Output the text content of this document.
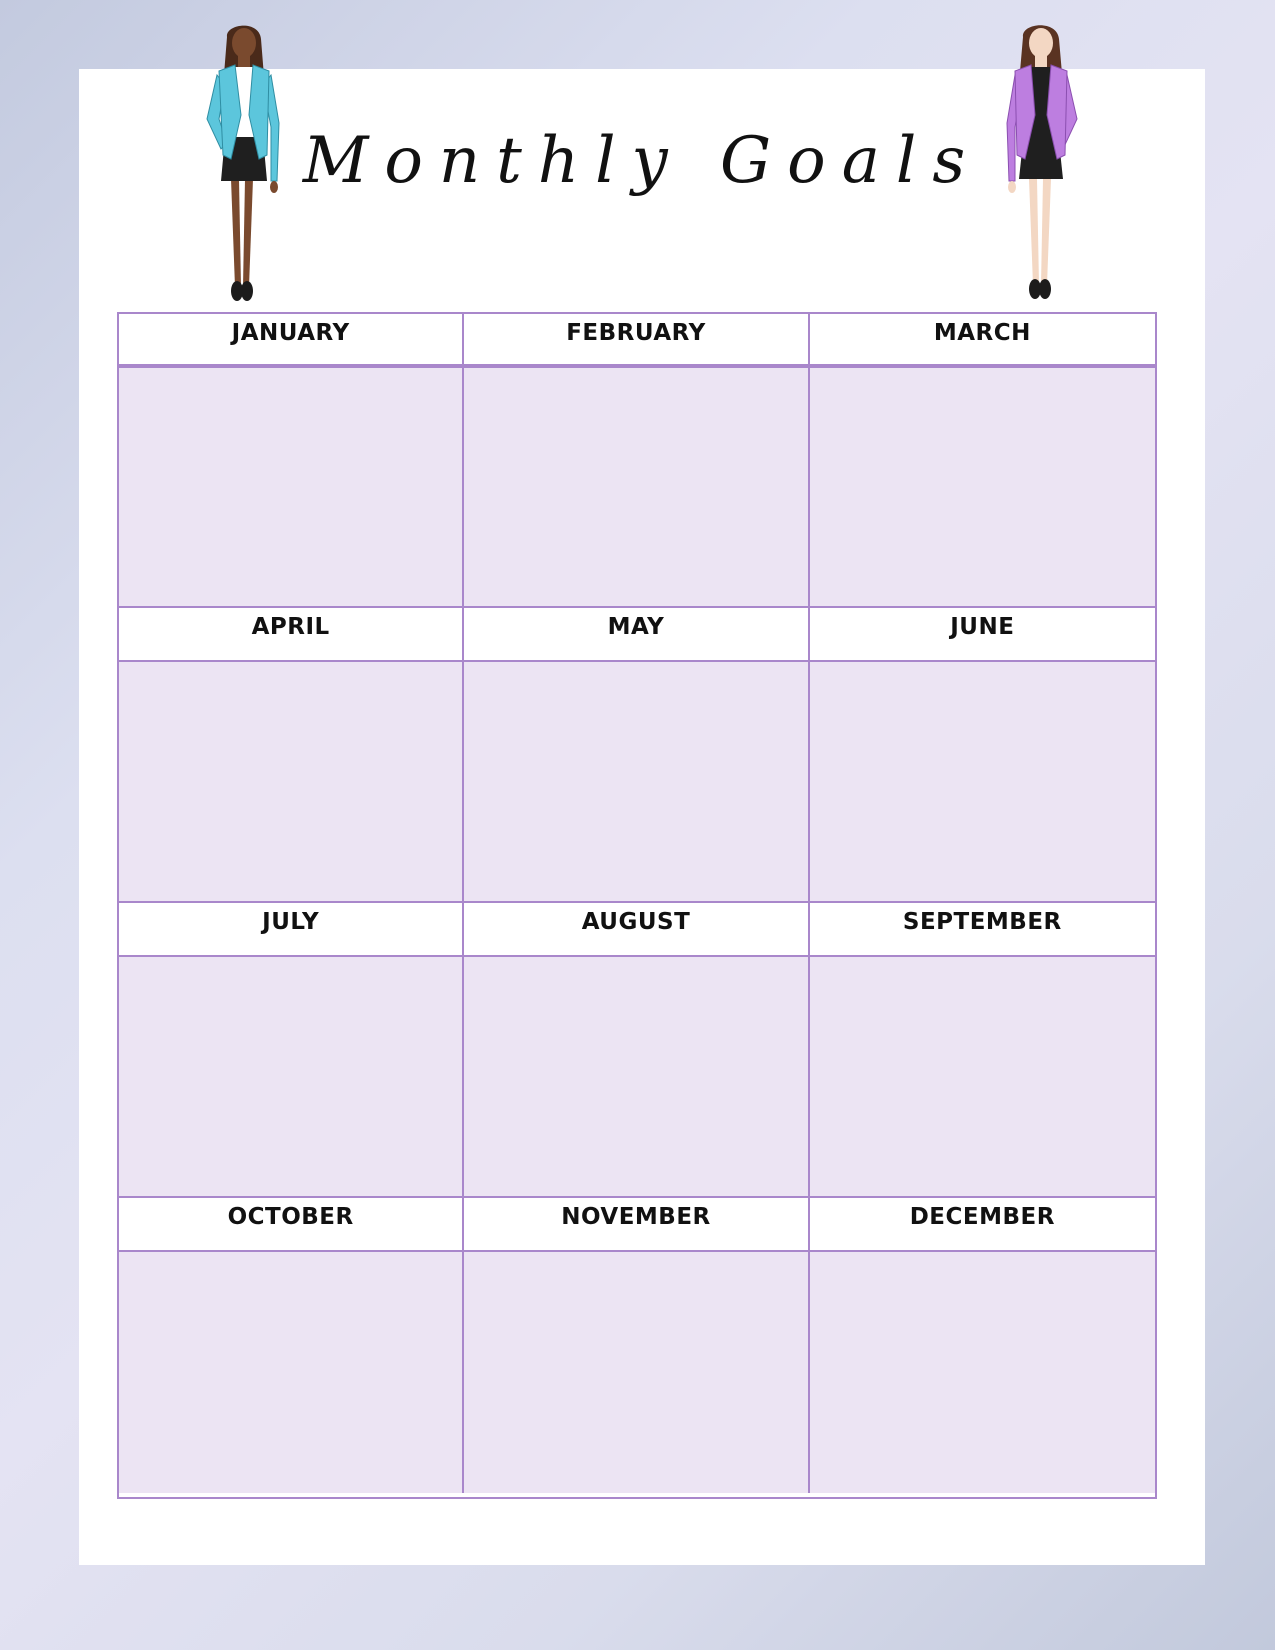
Monthly Goals
JANUARY	FEBRUARY	MARCH
APRIL	MAY	JUNE
JULY	AUGUST	SEPTEMBER
OCTOBER	NOVEMBER	DECEMBER
